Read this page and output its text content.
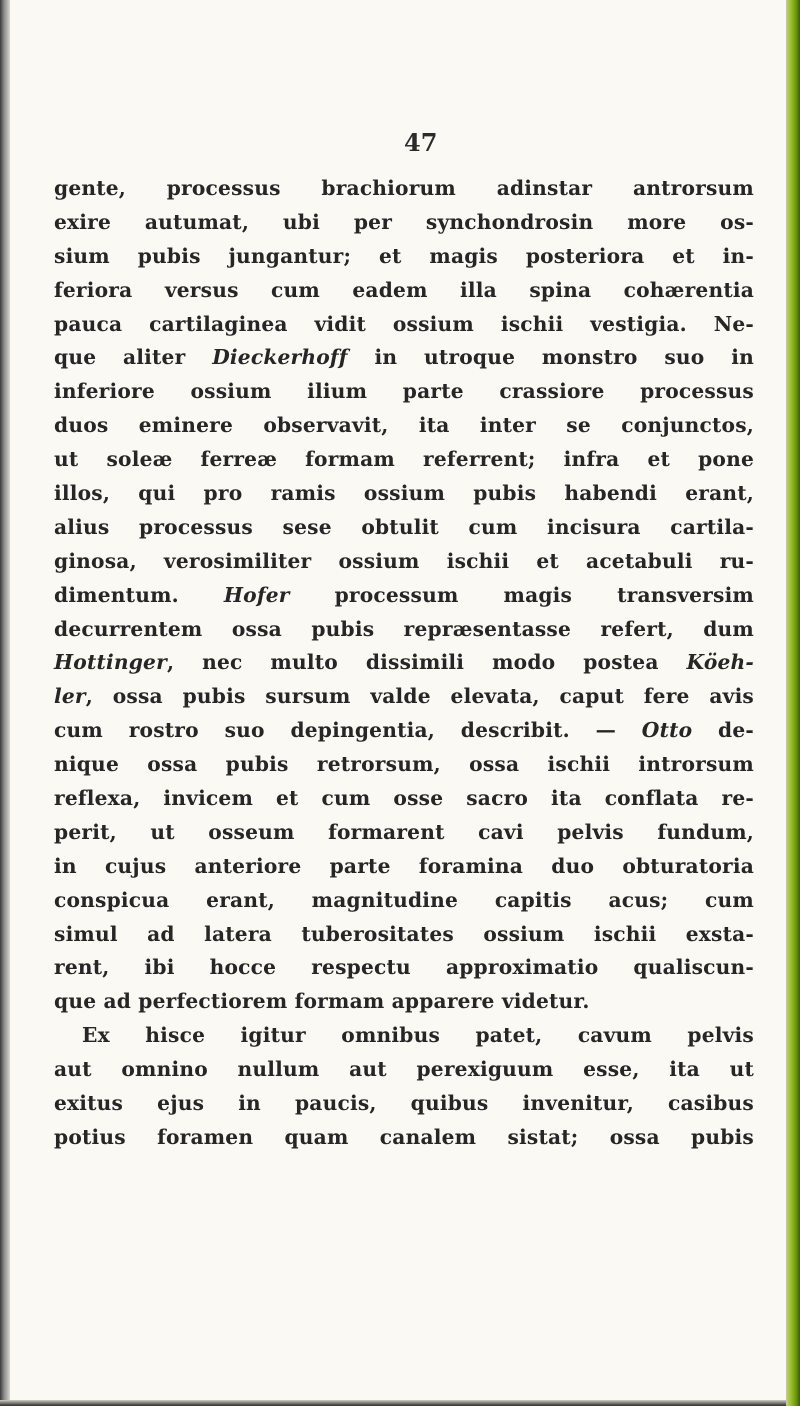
47
gente, processus brachiorum adinstar antrorsum
exire autumat, ubi per synchondrosin more os-
sium pubis jungantur; et magis posteriora et in-
feriora versus cum eadem illa spina cohærentia
pauca cartilaginea vidit ossium ischii vestigia. Ne-
que aliter Dieckerhoff in utroque monstro suo in
inferiore ossium ilium parte crassiore processus
duos eminere observavit, ita inter se conjunctos,
ut soleæ ferreæ formam referrent; infra et pone
illos, qui pro ramis ossium pubis habendi erant,
alius processus sese obtulit cum incisura cartila-
ginosa, verosimiliter ossium ischii et acetabuli ru-
dimentum. Hofer processum magis transversim
decurrentem ossa pubis repræsentasse refert, dum
Hottinger, nec multo dissimili modo postea Köeh-
ler, ossa pubis sursum valde elevata, caput fere avis
cum rostro suo depingentia, describit. — Otto de-
nique ossa pubis retrorsum, ossa ischii introrsum
reflexa, invicem et cum osse sacro ita conflata re-
perit, ut osseum formarent cavi pelvis fundum,
in cujus anteriore parte foramina duo obturatoria
conspicua erant, magnitudine capitis acus; cum
simul ad latera tuberositates ossium ischii exsta-
rent, ibi hocce respectu approximatio qualiscun-
que ad perfectiorem formam apparere videtur.
Ex hisce igitur omnibus patet, cavum pelvis
aut omnino nullum aut perexiguum esse, ita ut
exitus ejus in paucis, quibus invenitur, casibus
potius foramen quam canalem sistat; ossa pubis
